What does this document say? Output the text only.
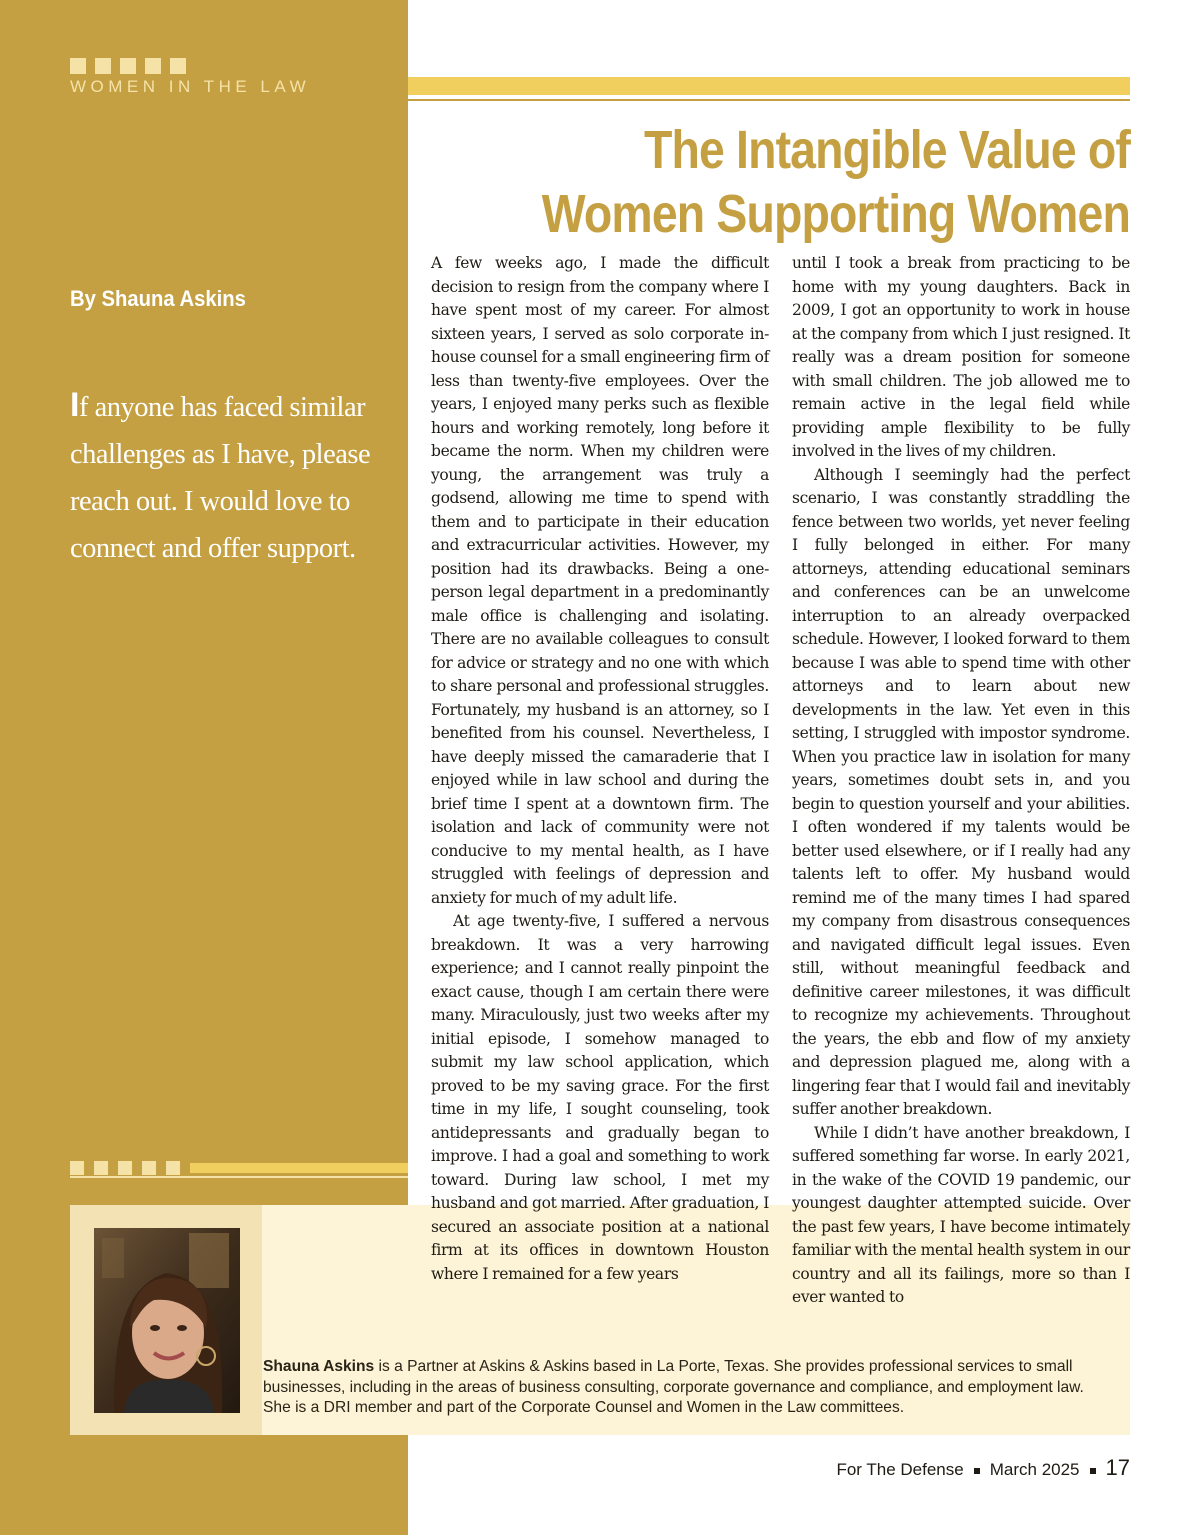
WOMEN IN THE LAW
The Intangible Value of
Women Supporting Women
By Shauna Askins
If anyone has faced similar challenges as I have, please reach out. I would love to connect and offer support.
Shauna Askins is a Partner at Askins & Askins based in La Porte, Texas. She provides professional services to small businesses, including in the areas of business consulting, corporate governance and compliance, and employment law. She is a DRI member and part of the Corporate Counsel and Women in the Law committees.

A few weeks ago, I made the difficult decision to resign from the company where I have spent most of my career. For almost sixteen years, I served as solo corporate in-house counsel for a small engineering firm of less than twenty-five employees. Over the years, I enjoyed many perks such as flexible hours and working remotely, long before it became the norm. When my children were young, the arrangement was truly a godsend, allowing me time to spend with them and to participate in their education and extracurricular activities. However, my position had its drawbacks. Being a one-person legal department in a predominantly male office is challenging and isolating. There are no available colleagues to consult for advice or strategy and no one with which to share personal and professional struggles. Fortunately, my husband is an attorney, so I benefited from his counsel. Nevertheless, I have deeply missed the camaraderie that I enjoyed while in law school and during the brief time I spent at a downtown firm. The isolation and lack of community were not conducive to my mental health, as I have struggled with feelings of depression and anxiety for much of my adult life.

At age twenty-five, I suffered a nervous breakdown. It was a very harrowing experience; and I cannot really pinpoint the exact cause, though I am certain there were many. Miraculously, just two weeks after my initial episode, I somehow managed to submit my law school application, which proved to be my saving grace. For the first time in my life, I sought counseling, took antidepressants and gradually began to improve. I had a goal and something to work toward. During law school, I met my husband and got married. After graduation, I secured an associate position at a national firm at its offices in downtown Houston where I remained for a few years

until I took a break from practicing to be home with my young daughters. Back in 2009, I got an opportunity to work in house at the company from which I just resigned. It really was a dream position for someone with small children. The job allowed me to remain active in the legal field while providing ample flexibility to be fully involved in the lives of my children.

Although I seemingly had the perfect scenario, I was constantly straddling the fence between two worlds, yet never feeling I fully belonged in either. For many attorneys, attending educational seminars and conferences can be an unwelcome interruption to an already overpacked schedule. However, I looked forward to them because I was able to spend time with other attorneys and to learn about new developments in the law. Yet even in this setting, I struggled with impostor syndrome. When you practice law in isolation for many years, sometimes doubt sets in, and you begin to question yourself and your abilities. I often wondered if my talents would be better used elsewhere, or if I really had any talents left to offer. My husband would remind me of the many times I had spared my company from disastrous consequences and navigated difficult legal issues. Even still, without meaningful feedback and definitive career milestones, it was difficult to recognize my achievements. Throughout the years, the ebb and flow of my anxiety and depression plagued me, along with a lingering fear that I would fail and inevitably suffer another breakdown.

While I didn’t have another breakdown, I suffered something far worse. In early 2021, in the wake of the COVID 19 pandemic, our youngest daughter attempted suicide. Over the past few years, I have become intimately familiar with the mental health system in our country and all its failings, more so than I ever wanted to

For The Defense March 2025 17
